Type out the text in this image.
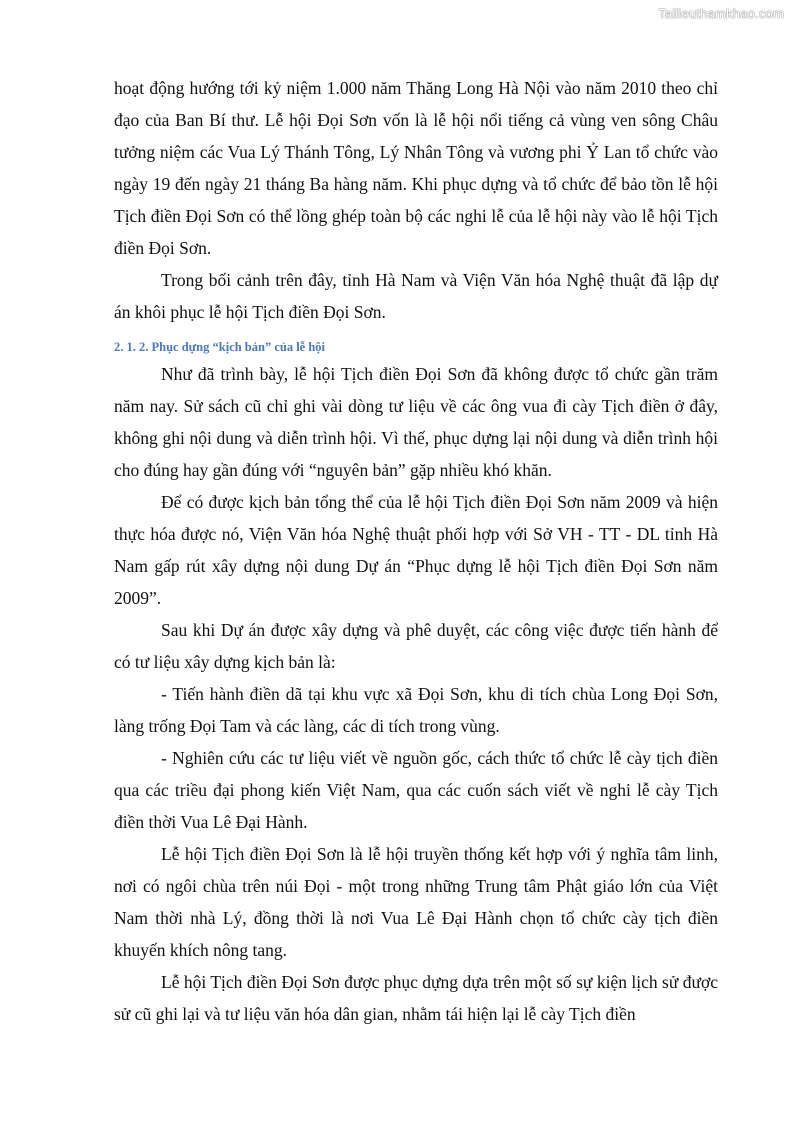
Tailieuthamkhao.com

hoạt động hướng tới kỷ niệm 1.000 năm Thăng Long Hà Nội vào năm 2010 theo chỉ đạo của Ban Bí thư. Lễ hội Đọi Sơn vốn là lễ hội nổi tiếng cả vùng ven sông Châu tưởng niệm các Vua Lý Thánh Tông, Lý Nhân Tông và vương phi Ỷ Lan tổ chức vào ngày 19 đến ngày 21 tháng Ba hàng năm. Khi phục dựng và tổ chức để bảo tồn lễ hội Tịch điền Đọi Sơn có thể lồng ghép toàn bộ các nghi lễ của lễ hội này vào lễ hội Tịch điền Đọi Sơn.

Trong bối cảnh trên đây, tỉnh Hà Nam và Viện Văn hóa Nghệ thuật đã lập dự án khôi phục lễ hội Tịch điền Đọi Sơn.

2. 1. 2. Phục dựng “kịch bản” của lễ hội

Như đã trình bày, lễ hội Tịch điền Đọi Sơn đã không được tổ chức gần trăm năm nay. Sử sách cũ chỉ ghi vài dòng tư liệu về các ông vua đi cày Tịch điền ở đây, không ghi nội dung và diễn trình hội. Vì thế, phục dựng lại nội dung và diễn trình hội cho đúng hay gần đúng với “nguyên bản” gặp nhiều khó khăn.

Để có được kịch bản tổng thể của lễ hội Tịch điền Đọi Sơn năm 2009 và hiện thực hóa được nó, Viện Văn hóa Nghệ thuật phối hợp với Sở VH - TT - DL tỉnh Hà Nam gấp rút xây dựng nội dung Dự án “Phục dựng lễ hội Tịch điền Đọi Sơn năm 2009”.

Sau khi Dự án được xây dựng và phê duyệt, các công việc được tiến hành để có tư liệu xây dựng kịch bản là:

- Tiến hành điền dã tại khu vực xã Đọi Sơn, khu di tích chùa Long Đọi Sơn, làng trống Đọi Tam và các làng, các di tích trong vùng.

- Nghiên cứu các tư liệu viết về nguồn gốc, cách thức tổ chức lễ cày tịch điền qua các triều đại phong kiến Việt Nam, qua các cuốn sách viết về nghi lễ cày Tịch điền thời Vua Lê Đại Hành.

Lễ hội Tịch điền Đọi Sơn là lễ hội truyền thống kết hợp với ý nghĩa tâm linh, nơi có ngôi chùa trên núi Đọi - một trong những Trung tâm Phật giáo lớn của Việt Nam thời nhà Lý, đồng thời là nơi Vua Lê Đại Hành chọn tổ chức cày tịch điền khuyến khích nông tang.

Lễ hội Tịch điền Đọi Sơn được phục dựng dựa trên một số sự kiện lịch sử được sử cũ ghi lại và tư liệu văn hóa dân gian, nhằm tái hiện lại lễ cày Tịch điền
